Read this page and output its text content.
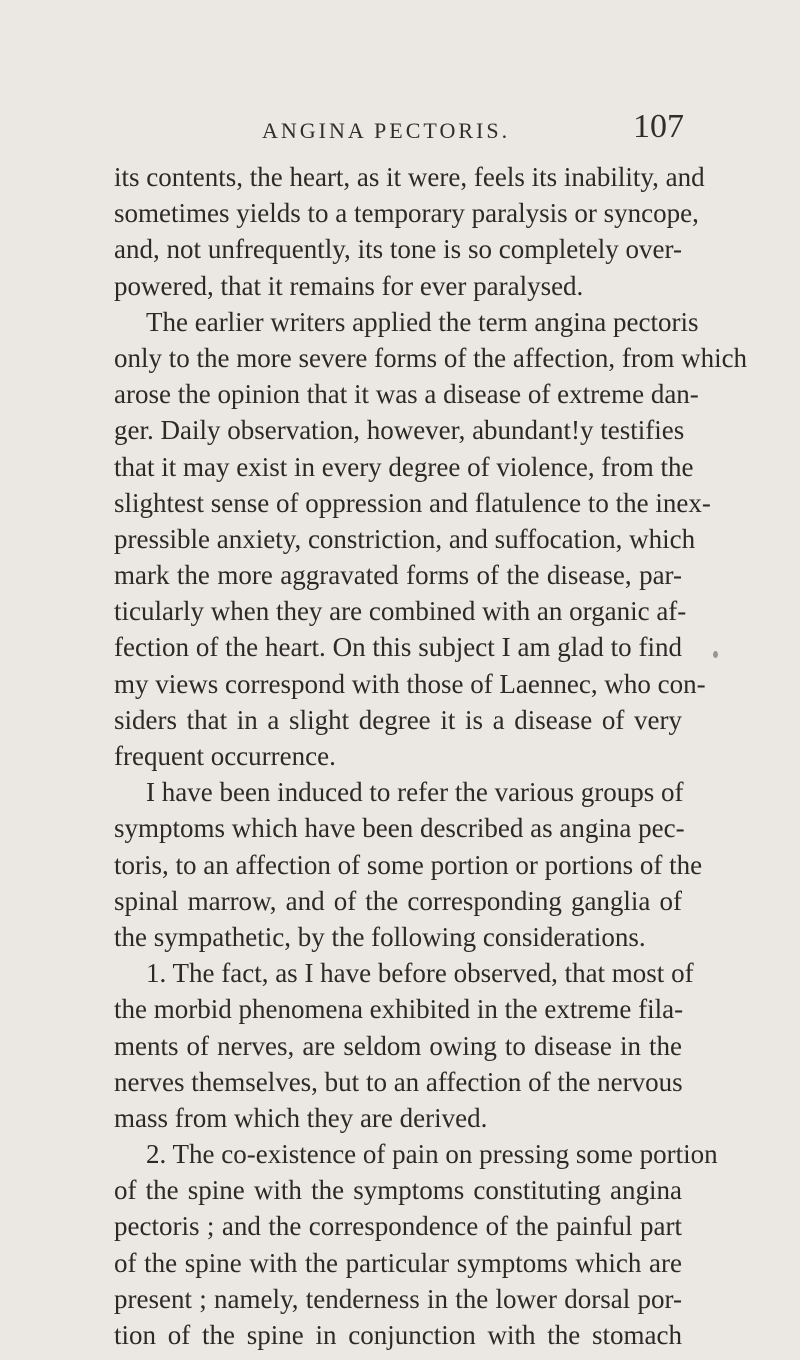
ANGINA PECTORIS.	107
its contents, the heart, as it were, feels its inability, and
sometimes yields to a temporary paralysis or syncope,
and, not unfrequently, its tone is so completely over-
powered, that it remains for ever paralysed.
The earlier writers applied the term angina pectoris
only to the more severe forms of the affection, from which
arose the opinion that it was a disease of extreme dan-
ger. Daily observation, however, abundant!y testifies
that it may exist in every degree of violence, from the
slightest sense of oppression and flatulence to the inex-
pressible anxiety, constriction, and suffocation, which
mark the more aggravated forms of the disease, par-
ticularly when they are combined with an organic af-
fection of the heart. On this subject I am glad to find
my views correspond with those of Laennec, who con-
siders that in a slight degree it is a disease of very
frequent occurrence.
I have been induced to refer the various groups of
symptoms which have been described as angina pec-
toris, to an affection of some portion or portions of the
spinal marrow, and of the corresponding ganglia of
the sympathetic, by the following considerations.
1. The fact, as I have before observed, that most of
the morbid phenomena exhibited in the extreme fila-
ments of nerves, are seldom owing to disease in the
nerves themselves, but to an affection of the nervous
mass from which they are derived.
2. The co-existence of pain on pressing some portion
of the spine with the symptoms constituting angina
pectoris ; and the correspondence of the painful part
of the spine with the particular symptoms which are
present ; namely, tenderness in the lower dorsal por-
tion of the spine in conjunction with the stomach
